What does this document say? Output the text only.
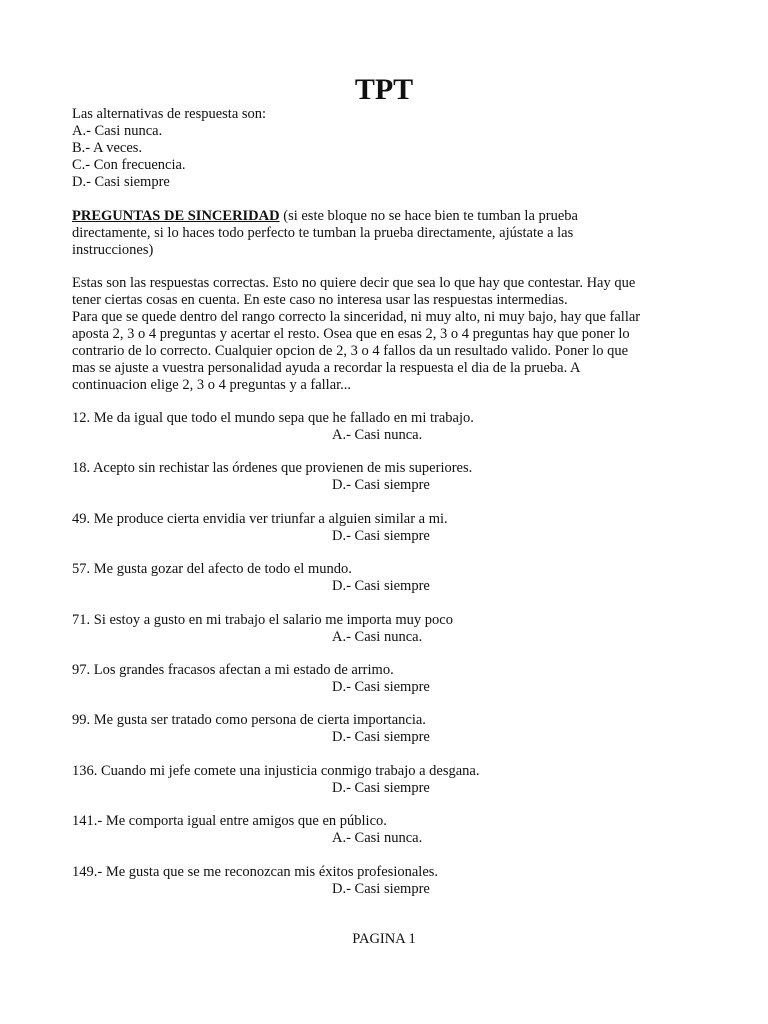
TPT
Las alternativas de respuesta son:
A.- Casi nunca.
B.- A veces.
C.- Con frecuencia.
D.- Casi siempre
PREGUNTAS DE SINCERIDAD (si este bloque no se hace bien te tumban la prueba
directamente, si lo haces todo perfecto te tumban la prueba directamente, ajústate a las
instrucciones)
Estas son las respuestas correctas. Esto no quiere decir que sea lo que hay que contestar. Hay que
tener ciertas cosas en cuenta. En este caso no interesa usar las respuestas intermedias.
Para que se quede dentro del rango correcto la sinceridad, ni muy alto, ni muy bajo, hay que fallar
aposta 2, 3 o 4 preguntas y acertar el resto. Osea que en esas 2, 3 o 4 preguntas hay que poner lo
contrario de lo correcto. Cualquier opcion de 2, 3 o 4 fallos da un resultado valido. Poner lo que
mas se ajuste a vuestra personalidad ayuda a recordar la respuesta el dia de la prueba. A
continuacion elige 2, 3 o 4 preguntas y a fallar...
12. Me da igual que todo el mundo sepa que he fallado en mi trabajo.
A.- Casi nunca.
18. Acepto sin rechistar las órdenes que provienen de mis superiores.
D.- Casi siempre
49. Me produce cierta envidia ver triunfar a alguien similar a mi.
D.- Casi siempre
57. Me gusta gozar del afecto de todo el mundo.
D.- Casi siempre
71. Si estoy a gusto en mi trabajo el salario me importa muy poco
A.- Casi nunca.
97. Los grandes fracasos afectan a mi estado de arrimo.
D.- Casi siempre
99. Me gusta ser tratado como persona de cierta importancia.
D.- Casi siempre
136. Cuando mi jefe comete una injusticia conmigo trabajo a desgana.
D.- Casi siempre
141.- Me comporta igual entre amigos que en público.
A.- Casi nunca.
149.- Me gusta que se me reconozcan mis éxitos profesionales.
D.- Casi siempre
PAGINA 1
